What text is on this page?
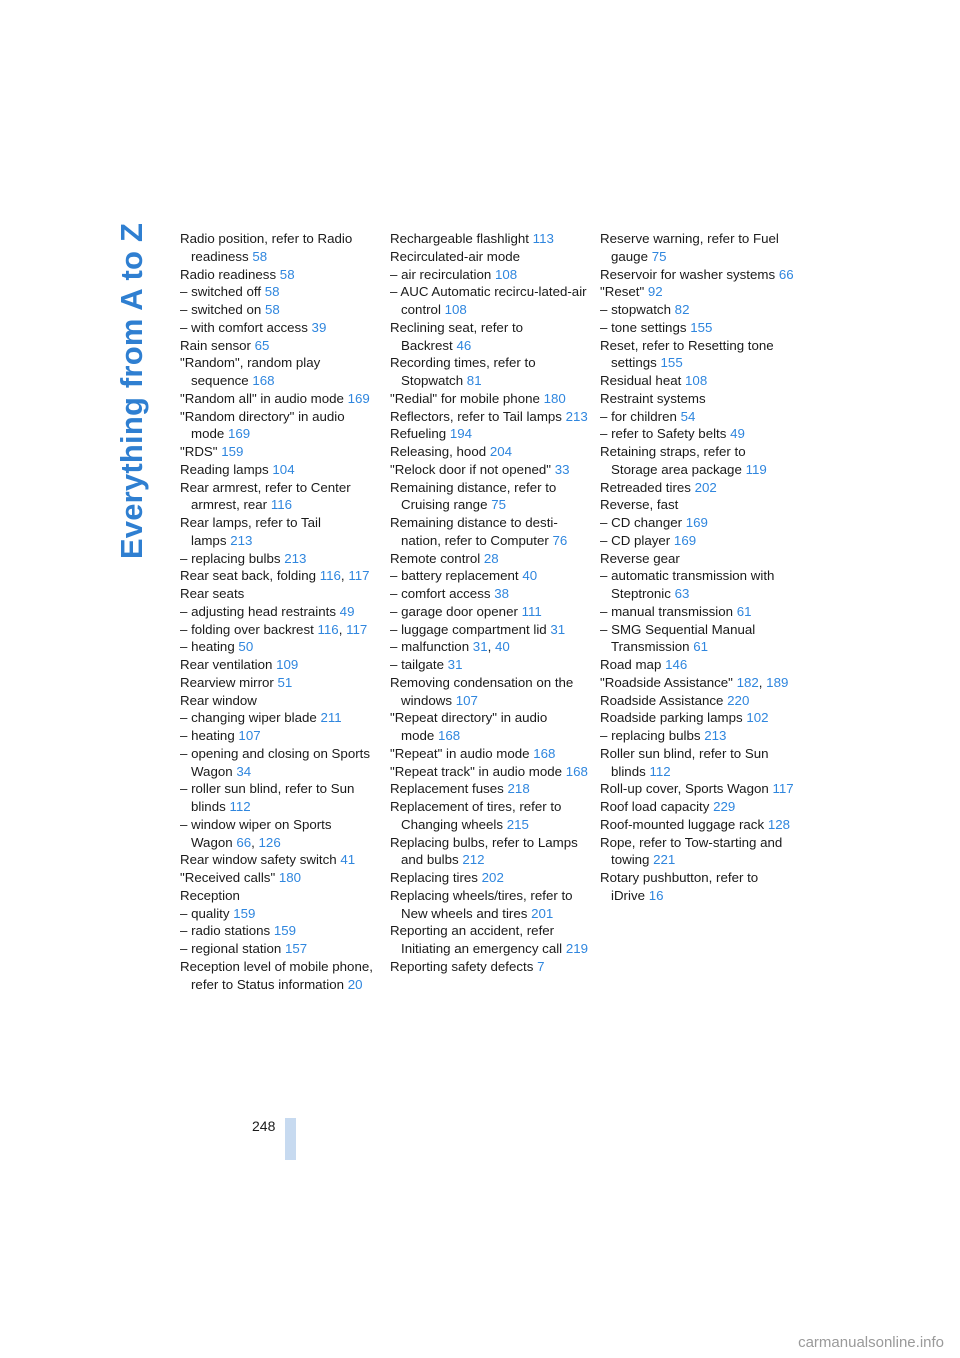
Everything from A to Z Radio position, refer to Radio readiness 58
Radio readiness 58
– switched off 58
– switched on 58
– with comfort access 39
Rain sensor 65
"Random", random play sequence 168
"Random all" in audio mode 169
"Random directory" in audio mode 169
"RDS" 159
Reading lamps 104
Rear armrest, refer to Center armrest, rear 116
Rear lamps, refer to Tail lamps 213
– replacing bulbs 213
Rear seat back, folding 116, 117
Rear seats
– adjusting head restraints 49
– folding over backrest 116, 117
– heating 50
Rear ventilation 109
Rearview mirror 51
Rear window
– changing wiper blade 211
– heating 107
– opening and closing on Sports Wagon 34
– roller sun blind, refer to Sun blinds 112
– window wiper on Sports Wagon 66, 126
Rear window safety switch 41
"Received calls" 180
Reception
– quality 159
– radio stations 159
– regional station 157
Reception level of mobile phone, refer to Status information 20
Rechargeable flashlight 113
Recirculated-air mode
– air recirculation 108
– AUC Automatic recircu-lated-air control 108
Reclining seat, refer to Backrest 46
Recording times, refer to Stopwatch 81
"Redial" for mobile phone 180
Reflectors, refer to Tail lamps 213
Refueling 194
Releasing, hood 204
"Relock door if not opened" 33
Remaining distance, refer to Cruising range 75
Remaining distance to desti-nation, refer to Computer 76
Remote control 28
– battery replacement 40
– comfort access 38
– garage door opener 111
– luggage compartment lid 31
– malfunction 31, 40
– tailgate 31
Removing condensation on the windows 107
"Repeat directory" in audio mode 168
"Repeat" in audio mode 168
"Repeat track" in audio mode 168
Replacement fuses 218
Replacement of tires, refer to Changing wheels 215
Replacing bulbs, refer to Lamps and bulbs 212
Replacing tires 202
Replacing wheels/tires, refer to New wheels and tires 201
Reporting an accident, refer Initiating an emergency call 219
Reporting safety defects 7
Reserve warning, refer to Fuel gauge 75
Reservoir for washer systems 66
"Reset" 92
– stopwatch 82
– tone settings 155
Reset, refer to Resetting tone settings 155
Residual heat 108
Restraint systems
– for children 54
– refer to Safety belts 49
Retaining straps, refer to Storage area package 119
Retreaded tires 202
Reverse, fast
– CD changer 169
– CD player 169
Reverse gear
– automatic transmission with Steptronic 63
– manual transmission 61
– SMG Sequential Manual Transmission 61
Road map 146
"Roadside Assistance" 182, 189
Roadside Assistance 220
Roadside parking lamps 102
– replacing bulbs 213
Roller sun blind, refer to Sun blinds 112
Roll-up cover, Sports Wagon 117
Roof load capacity 229
Roof-mounted luggage rack 128
Rope, refer to Tow-starting and towing 221
Rotary pushbutton, refer to iDrive 16
248
carmanualsonline.info
